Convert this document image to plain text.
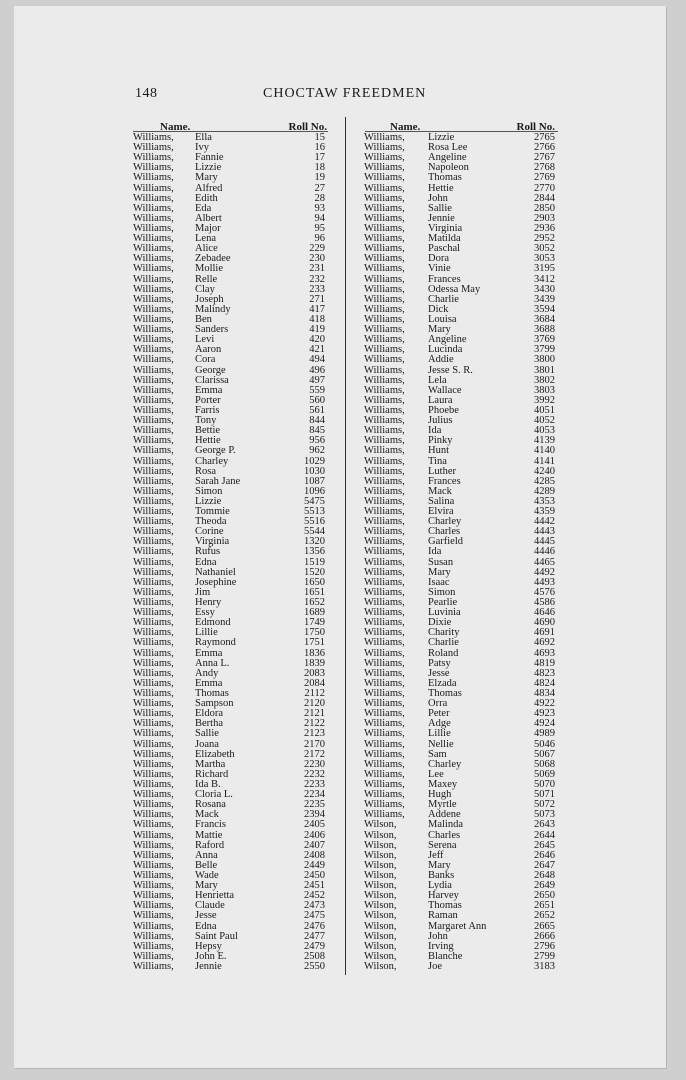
148	CHOCTAW FREEDMEN
Name.	Roll No.
Williams, Ella	15
Williams, Ivy	16
Williams, Fannie	17
Williams, Lizzie	18
Williams, Mary	19
Williams, Alfred	27
Williams, Edith	28
Williams, Eda	93
Williams, Albert	94
Williams, Major	95
Williams, Lena	96
Williams, Alice	229
Williams, Zebadee	230
Williams, Mollie	231
Williams, Relle	232
Williams, Clay	233
Williams, Joseph	271
Williams, Malindy	417
Williams, Ben	418
Williams, Sanders	419
Williams, Levi	420
Williams, Aaron	421
Williams, Cora	494
Williams, George	496
Williams, Clarissa	497
Williams, Emma	559
Williams, Porter	560
Williams, Farris	561
Williams, Tony	844
Williams, Bettie	845
Williams, Hettie	956
Williams, George P.	962
Williams, Charley	1029
Williams, Rosa	1030
Williams, Sarah Jane	1087
Williams, Simon	1096
Williams, Lizzie	5475
Williams, Tommie	5513
Williams, Theoda	5516
Williams, Corine	5544
Williams, Virginia	1320
Williams, Rufus	1356
Williams, Edna	1519
Williams, Nathaniel	1520
Williams, Josephine	1650
Williams, Jim	1651
Williams, Henry	1652
Williams, Essy	1689
Williams, Edmond	1749
Williams, Lillie	1750
Williams, Raymond	1751
Williams, Emma	1836
Williams, Anna L.	1839
Williams, Andy	2083
Williams, Emma	2084
Williams, Thomas	2112
Williams, Sampson	2120
Williams, Eldora	2121
Williams, Bertha	2122
Williams, Sallie	2123
Williams, Joana	2170
Williams, Elizabeth	2172
Williams, Martha	2230
Williams, Richard	2232
Williams, Ida B.	2233
Williams, Cloria L.	2234
Williams, Rosana	2235
Williams, Mack	2394
Williams, Francis	2405
Williams, Mattie	2406
Williams, Raford	2407
Williams, Anna	2408
Williams, Belle	2449
Williams, Wade	2450
Williams, Mary	2451
Williams, Henrietta	2452
Williams, Claude	2473
Williams, Jesse	2475
Williams, Edna	2476
Williams, Saint Paul	2477
Williams, Hepsy	2479
Williams, John E.	2508
Williams, Jennie	2550
Name.	Roll No.
Williams, Lizzie	2765
Williams, Rosa Lee	2766
Williams, Angeline	2767
Williams, Napoleon	2768
Williams, Thomas	2769
Williams, Hettie	2770
Williams, John	2844
Williams, Sallie	2850
Williams, Jennie	2903
Williams, Virginia	2936
Williams, Matilda	2952
Williams, Paschal	3052
Williams, Dora	3053
Williams, Vinie	3195
Williams, Frances	3412
Williams, Odessa May	3430
Williams, Charlie	3439
Williams, Dick	3594
Williams, Louisa	3684
Williams, Mary	3688
Williams, Angeline	3769
Williams, Lucinda	3799
Williams, Addie	3800
Williams, Jesse S. R.	3801
Williams, Lela	3802
Williams, Wallace	3803
Williams, Laura	3992
Williams, Phoebe	4051
Williams, Julius	4052
Williams, Ida	4053
Williams, Pinky	4139
Williams, Hunt	4140
Williams, Tina	4141
Williams, Luther	4240
Williams, Frances	4285
Williams, Mack	4289
Williams, Salina	4353
Williams, Elvira	4359
Williams, Charley	4442
Williams, Charles	4443
Williams, Garfield	4445
Williams, Ida	4446
Williams, Susan	4465
Williams, Mary	4492
Williams, Isaac	4493
Williams, Simon	4576
Williams, Pearlie	4586
Williams, Luvinia	4646
Williams, Dixie	4690
Williams, Charity	4691
Williams, Charlie	4692
Williams, Roland	4693
Williams, Patsy	4819
Williams, Jesse	4823
Williams, Elzada	4824
Williams, Thomas	4834
Williams, Orra	4922
Williams, Peter	4923
Williams, Adge	4924
Williams, Lillie	4989
Williams, Nellie	5046
Williams, Sam	5067
Williams, Charley	5068
Williams, Lee	5069
Williams, Maxey	5070
Williams, Hugh	5071
Williams, Myrtle	5072
Williams, Addene	5073
Wilson,	Malinda	2643
Wilson,	Charles	2644
Wilson,	Serena	2645
Wilson,	Jeff	2646
Wilson,	Mary	2647
Wilson,	Banks	2648
Wilson,	Lydia	2649
Wilson,	Harvey	2650
Wilson,	Thomas	2651
Wilson,	Raman	2652
Wilson,	Margaret Ann	2665
Wilson,	John	2666
Wilson,	Irving	2796
Wilson,	Blanche	2799
Wilson,	Joe	3183
